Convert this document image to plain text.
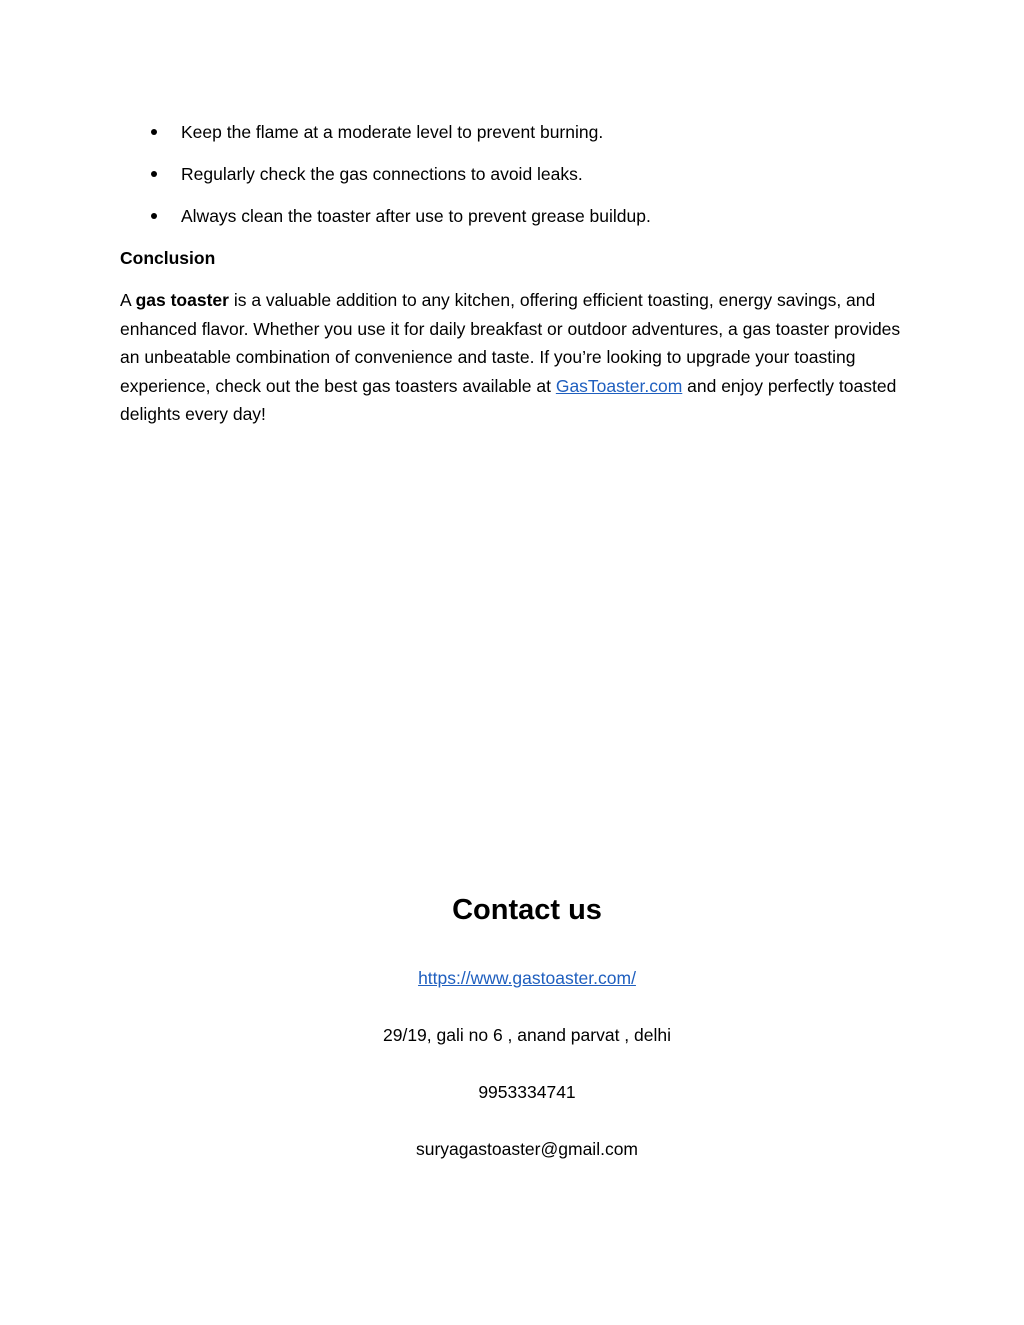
Keep the flame at a moderate level to prevent burning.
Regularly check the gas connections to avoid leaks.
Always clean the toaster after use to prevent grease buildup.

Conclusion

A gas toaster is a valuable addition to any kitchen, offering efficient toasting, energy savings, and enhanced flavor. Whether you use it for daily breakfast or outdoor adventures, a gas toaster provides an unbeatable combination of convenience and taste. If you’re looking to upgrade your toasting experience, check out the best gas toasters available at GasToaster.com and enjoy perfectly toasted delights every day!

Contact us

https://www.gastoaster.com/

29/19, gali no 6 , anand parvat , delhi

9953334741

suryagastoaster@gmail.com
